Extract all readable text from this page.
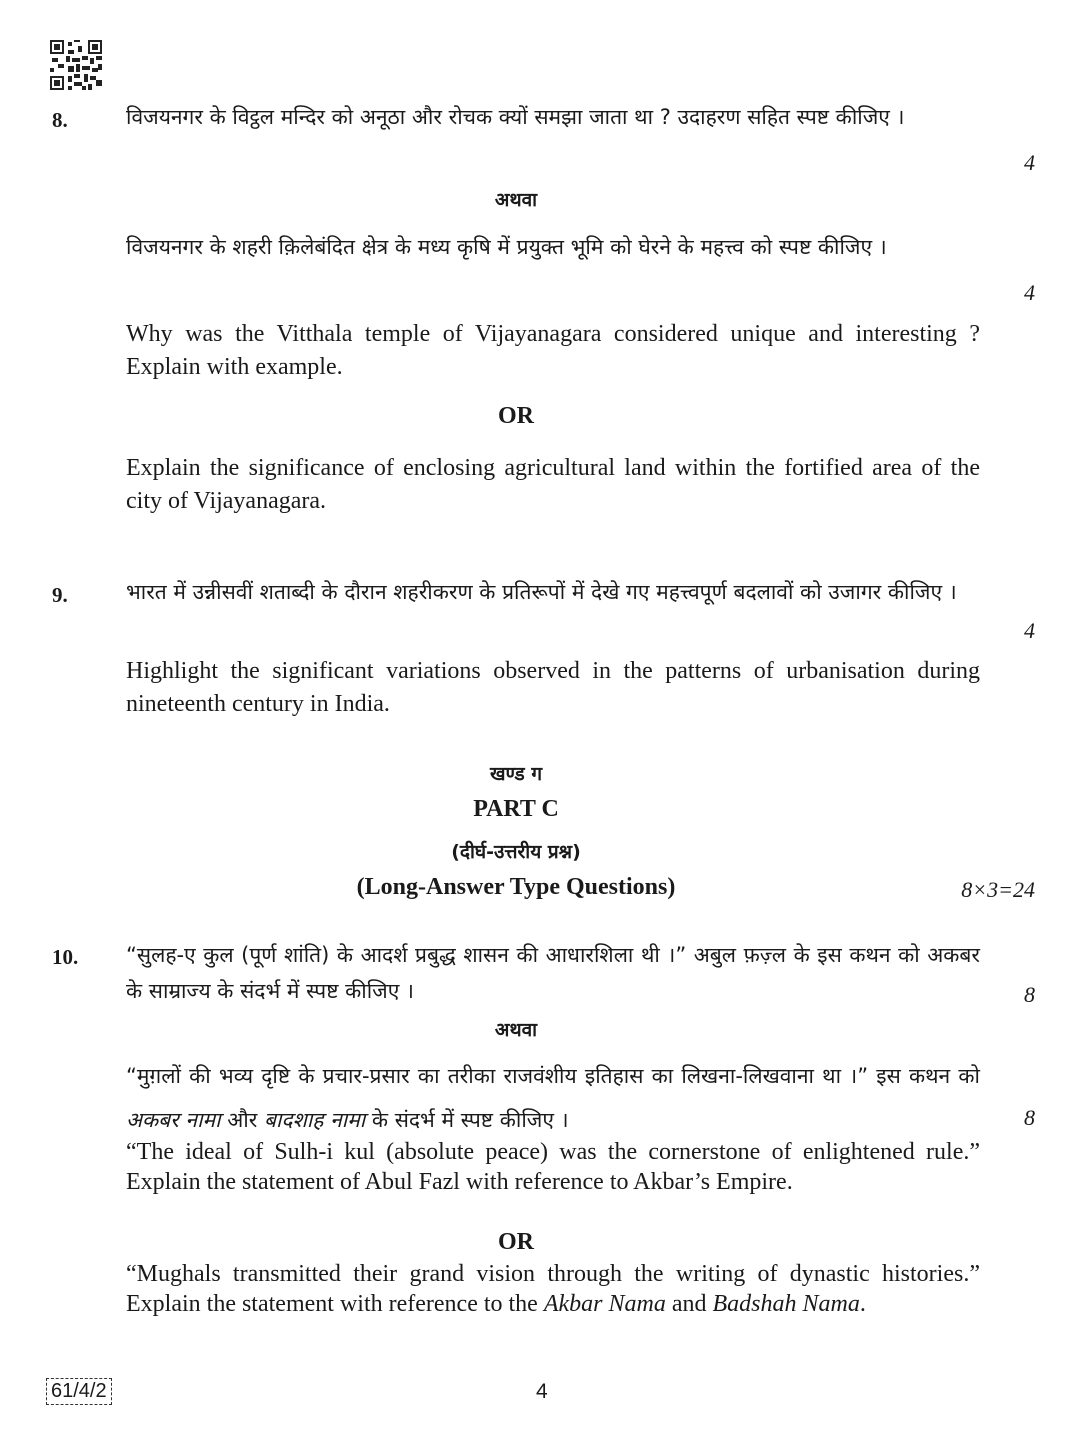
8.	विजयनगर के विट्ठल मन्दिर को अनूठा और रोचक क्यों समझा जाता था ? उदाहरण सहित स्पष्ट कीजिए ।
4
अथवा
विजयनगर के शहरी क़िलेबंदित क्षेत्र के मध्य कृषि में प्रयुक्त भूमि को घेरने के महत्त्व को स्पष्ट कीजिए ।
4
Why was the Vitthala temple of Vijayanagara considered unique and interesting ? Explain with example.
OR
Explain the significance of enclosing agricultural land within the fortified area of the city of Vijayanagara.
9.	भारत में उन्नीसवीं शताब्दी के दौरान शहरीकरण के प्रतिरूपों में देखे गए महत्त्वपूर्ण बदलावों को उजागर कीजिए ।
4
Highlight the significant variations observed in the patterns of urbanisation during nineteenth century in India.
खण्ड ग
PART C
(दीर्घ-उत्तरीय प्रश्न)
(Long-Answer Type Questions)	8×3=24
10. “सुलह-ए कुल (पूर्ण शांति) के आदर्श प्रबुद्ध शासन की आधारशिला थी ।” अबुल फ़ज़्ल के इस कथन को अकबर के साम्राज्य के संदर्भ में स्पष्ट कीजिए ।	8
अथवा
“मुग़लों की भव्य दृष्टि के प्रचार-प्रसार का तरीका राजवंशीय इतिहास का लिखना-लिखवाना था ।” इस कथन को अकबर नामा और बादशाह नामा के संदर्भ में स्पष्ट कीजिए ।	8
“The ideal of Sulh-i kul (absolute peace) was the cornerstone of enlightened rule.” Explain the statement of Abul Fazl with reference to Akbar’s Empire.
OR
“Mughals transmitted their grand vision through the writing of dynastic histories.” Explain the statement with reference to the Akbar Nama and Badshah Nama.
61/4/2	4
